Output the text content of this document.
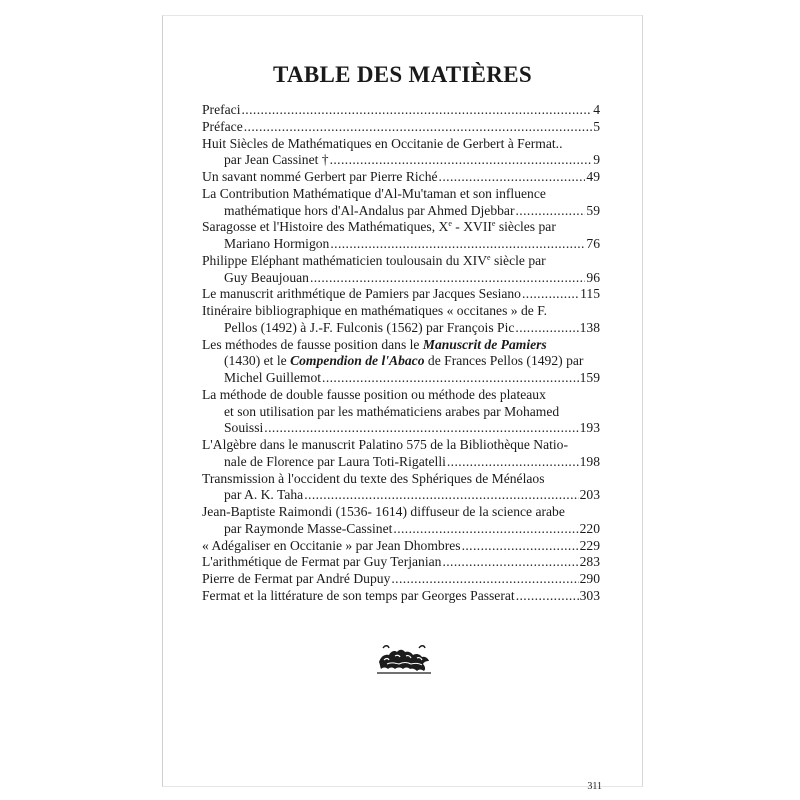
TABLE DES MATIÈRES
Prefaci .....	4
Préface .....	5
Huit Siècles de Mathématiques en Occitanie de Gerbert à Fermat..
par Jean Cassinet † .....	9
Un savant nommé Gerbert par Pierre Riché .....	49
La Contribution Mathématique d'Al-Mu'taman et son influence
mathématique hors d'Al-Andalus par Ahmed Djebbar .....	59
Saragosse et l'Histoire des Mathématiques, Xe - XVIIe siècles par
Mariano Hormigon .....	76
Philippe Eléphant mathématicien toulousain du XIVe siècle par
Guy Beaujouan .....	96
Le manuscrit arithmétique de Pamiers par Jacques Sesiano .....	115
Itinéraire bibliographique en mathématiques « occitanes » de F.
Pellos (1492) à J.-F. Fulconis (1562) par François Pic .....	138
Les méthodes de fausse position dans le Manuscrit de Pamiers
(1430) et le Compendion de l'Abaco de Frances Pellos (1492) par
Michel Guillemot .....	159
La méthode de double fausse position ou méthode des plateaux
et son utilisation par les mathématiciens arabes par Mohamed
Souissi .....	193
L'Algèbre dans le manuscrit Palatino 575 de la Bibliothèque Natio-
nale de Florence par Laura Toti-Rigatelli .....	198
Transmission à l'occident du texte des Sphériques de Ménélaos
par A. K. Taha .....	203
Jean-Baptiste Raimondi (1536- 1614) diffuseur de la science arabe
par Raymonde Masse-Cassinet .....	220
« Adégaliser en Occitanie » par Jean Dhombres .....	229
L'arithmétique de Fermat par Guy Terjanian .....	283
Pierre de Fermat par André Dupuy .....	290
Fermat et la littérature de son temps par Georges Passerat .....	303
311
